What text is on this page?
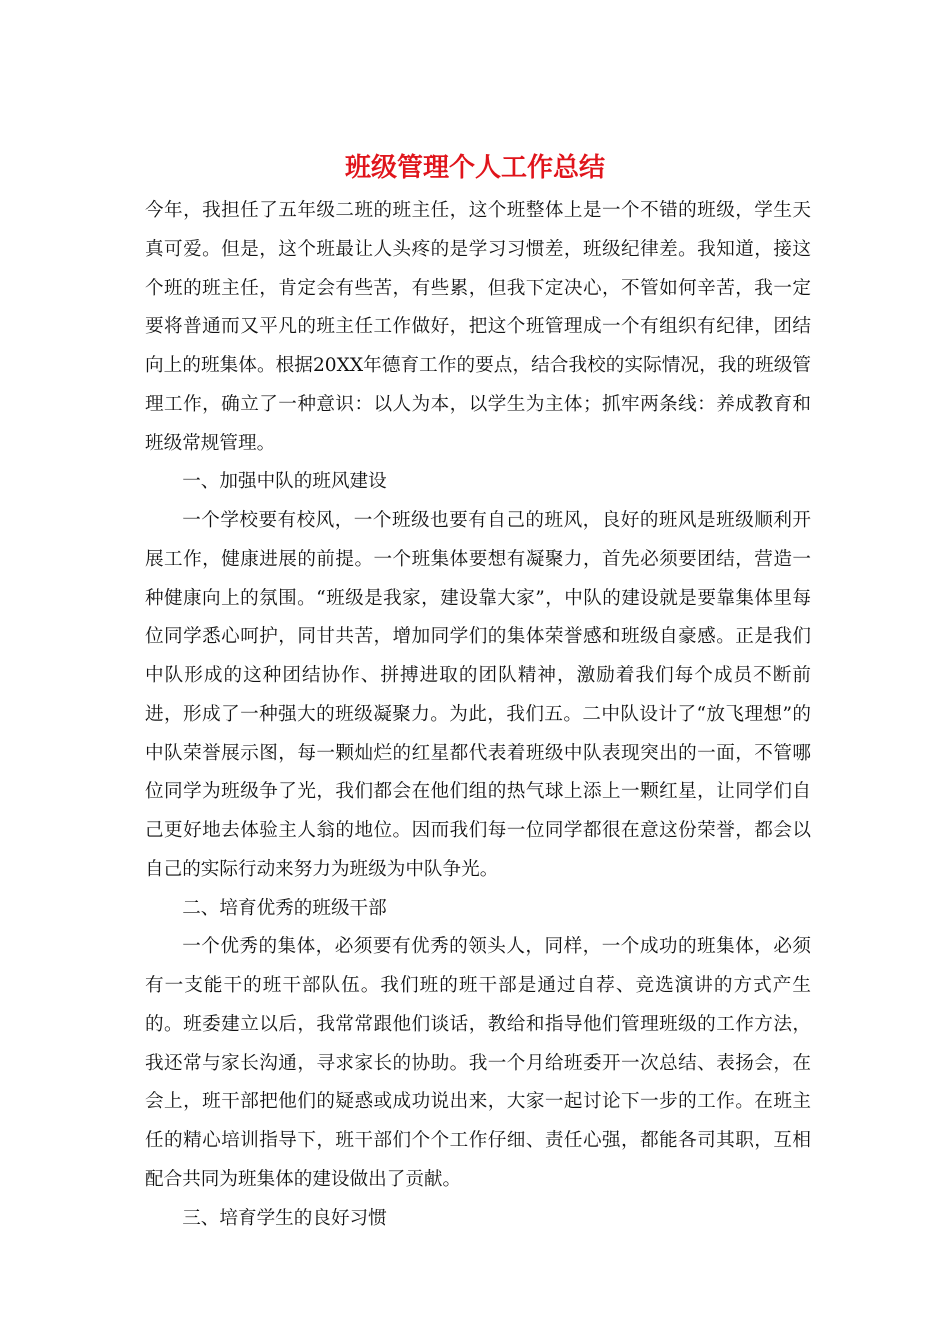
班级管理个人工作总结

今年，我担任了五年级二班的班主任，这个班整体上是一个不错的班级，学生天真可爱。但是，这个班最让人头疼的是学习习惯差，班级纪律差。我知道，接这个班的班主任，肯定会有些苦，有些累，但我下定决心，不管如何辛苦，我一定要将普通而又平凡的班主任工作做好，把这个班管理成一个有组织有纪律，团结向上的班集体。根据20XX年德育工作的要点，结合我校的实际情况，我的班级管理工作，确立了一种意识：以人为本，以学生为主体；抓牢两条线：养成教育和班级常规管理。

一、加强中队的班风建设

一个学校要有校风，一个班级也要有自己的班风，良好的班风是班级顺利开展工作，健康进展的前提。一个班集体要想有凝聚力，首先必须要团结，营造一种健康向上的氛围。“班级是我家，建设靠大家”，中队的建设就是要靠集体里每位同学悉心呵护，同甘共苦，增加同学们的集体荣誉感和班级自豪感。正是我们中队形成的这种团结协作、拼搏进取的团队精神，激励着我们每个成员不断前进，形成了一种强大的班级凝聚力。为此，我们五。二中队设计了“放飞理想”的中队荣誉展示图，每一颗灿烂的红星都代表着班级中队表现突出的一面，不管哪位同学为班级争了光，我们都会在他们组的热气球上添上一颗红星，让同学们自己更好地去体验主人翁的地位。因而我们每一位同学都很在意这份荣誉，都会以自己的实际行动来努力为班级为中队争光。

二、培育优秀的班级干部

一个优秀的集体，必须要有优秀的领头人，同样，一个成功的班集体，必须有一支能干的班干部队伍。我们班的班干部是通过自荐、竞选演讲的方式产生的。班委建立以后，我常常跟他们谈话，教给和指导他们管理班级的工作方法，我还常与家长沟通，寻求家长的协助。我一个月给班委开一次总结、表扬会，在会上，班干部把他们的疑惑或成功说出来，大家一起讨论下一步的工作。在班主任的精心培训指导下，班干部们个个工作仔细、责任心强，都能各司其职，互相配合共同为班集体的建设做出了贡献。

三、培育学生的良好习惯
